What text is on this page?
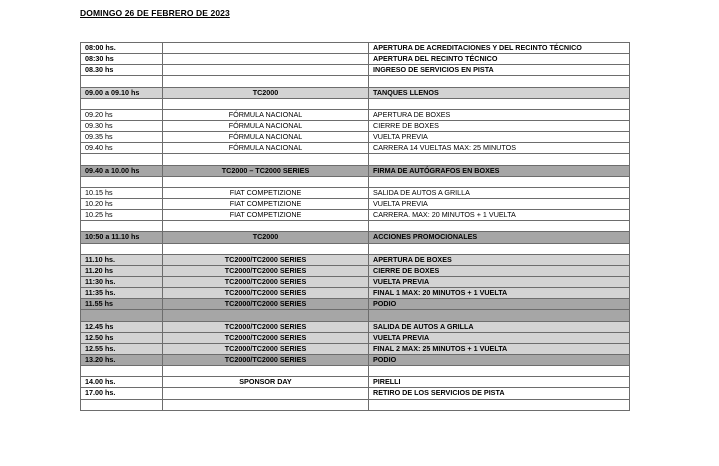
DOMINGO 26 DE FEBRERO DE 2023
08:00 hs.		APERTURA DE ACREDITACIONES Y DEL RECINTO TÉCNICO
08:30 hs		APERTURA DEL RECINTO TÉCNICO
08.30 hs		INGRESO DE SERVICIOS EN PISTA

09.00 a 09.10 hs	TC2000	TANQUES LLENOS

09.20 hs	FÓRMULA NACIONAL	APERTURA DE BOXES
09.30 hs	FÓRMULA NACIONAL	CIERRE DE BOXES
09.35 hs	FÓRMULA NACIONAL	VUELTA PREVIA
09.40 hs	FÓRMULA NACIONAL	CARRERA 14 VUELTAS MAX: 25 MINUTOS

09.40 a 10.00 hs	TC2000 – TC2000 SERIES	FIRMA DE AUTÓGRAFOS EN BOXES

10.15 hs	FIAT COMPETIZIONE	SALIDA DE AUTOS A GRILLA
10.20 hs	FIAT COMPETIZIONE	VUELTA PREVIA
10.25 hs	FIAT COMPETIZIONE	CARRERA. MAX: 20 MINUTOS + 1 VUELTA

10:50 a 11.10 hs	TC2000	ACCIONES PROMOCIONALES

11.10 hs.	TC2000/TC2000 SERIES	APERTURA DE BOXES
11.20 hs	TC2000/TC2000 SERIES	CIERRE DE BOXES
11:30 hs.	TC2000/TC2000 SERIES	VUELTA PREVIA
11:35 hs.	TC2000/TC2000 SERIES	FINAL 1 MAX: 20 MINUTOS + 1 VUELTA
11.55 hs	TC2000/TC2000 SERIES	PODIO

12.45 hs	TC2000/TC2000 SERIES	SALIDA DE AUTOS A GRILLA
12.50 hs	TC2000/TC2000 SERIES	VUELTA PREVIA
12.55 hs.	TC2000/TC2000 SERIES	FINAL 2 MAX: 25 MINUTOS + 1 VUELTA
13.20 hs.	TC2000/TC2000 SERIES	PODIO

14.00 hs.	SPONSOR DAY	PIRELLI
17.00 hs.		RETIRO DE LOS SERVICIOS DE PISTA
